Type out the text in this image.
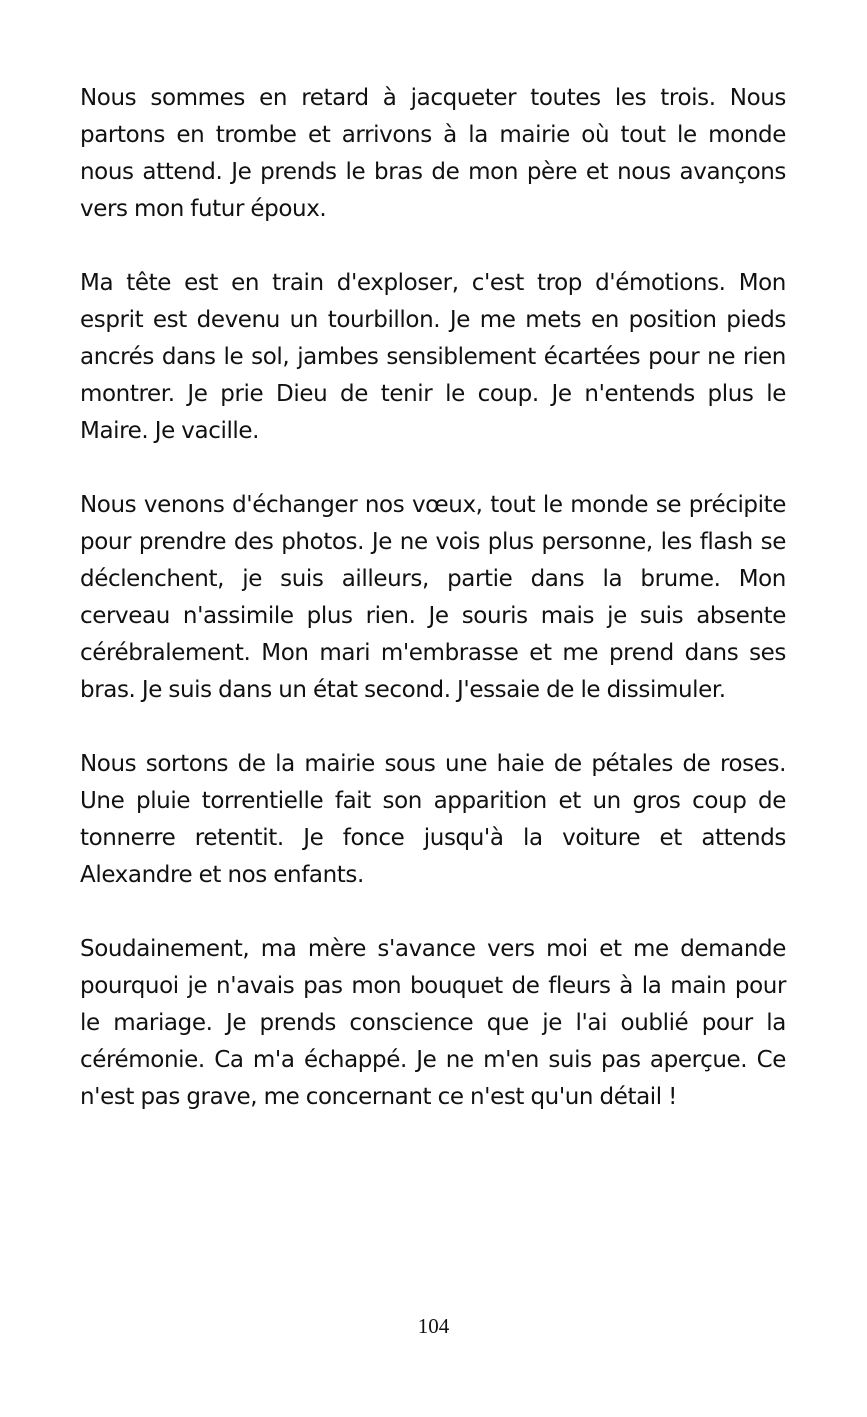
Nous sommes en retard à jacqueter toutes les trois. Nous partons en trombe et arrivons à la mairie où tout le monde nous attend. Je prends le bras de mon père et nous avançons vers mon futur époux.

Ma tête est en train d'exploser, c'est trop d'émotions. Mon esprit est devenu un tourbillon. Je me mets en position pieds ancrés dans le sol, jambes sensiblement écartées pour ne rien montrer. Je prie Dieu de tenir le coup. Je n'entends plus le Maire. Je vacille.

Nous venons d'échanger nos vœux, tout le monde se précipite pour prendre des photos. Je ne vois plus personne, les flash se déclenchent, je suis ailleurs, partie dans la brume. Mon cerveau n'assimile plus rien. Je souris mais je suis absente cérébralement. Mon mari m'embrasse et me prend dans ses bras. Je suis dans un état second. J'essaie de le dissimuler.

Nous sortons de la mairie sous une haie de pétales de roses. Une pluie torrentielle fait son apparition et un gros coup de tonnerre retentit. Je fonce jusqu'à la voiture et attends Alexandre et nos enfants.

Soudainement, ma mère s'avance vers moi et me demande pourquoi je n'avais pas mon bouquet de fleurs à la main pour le mariage. Je prends conscience que je l'ai oublié pour la cérémonie. Ca m'a échappé. Je ne m'en suis pas aperçue. Ce n'est pas grave, me concernant ce n'est qu'un détail !

104
